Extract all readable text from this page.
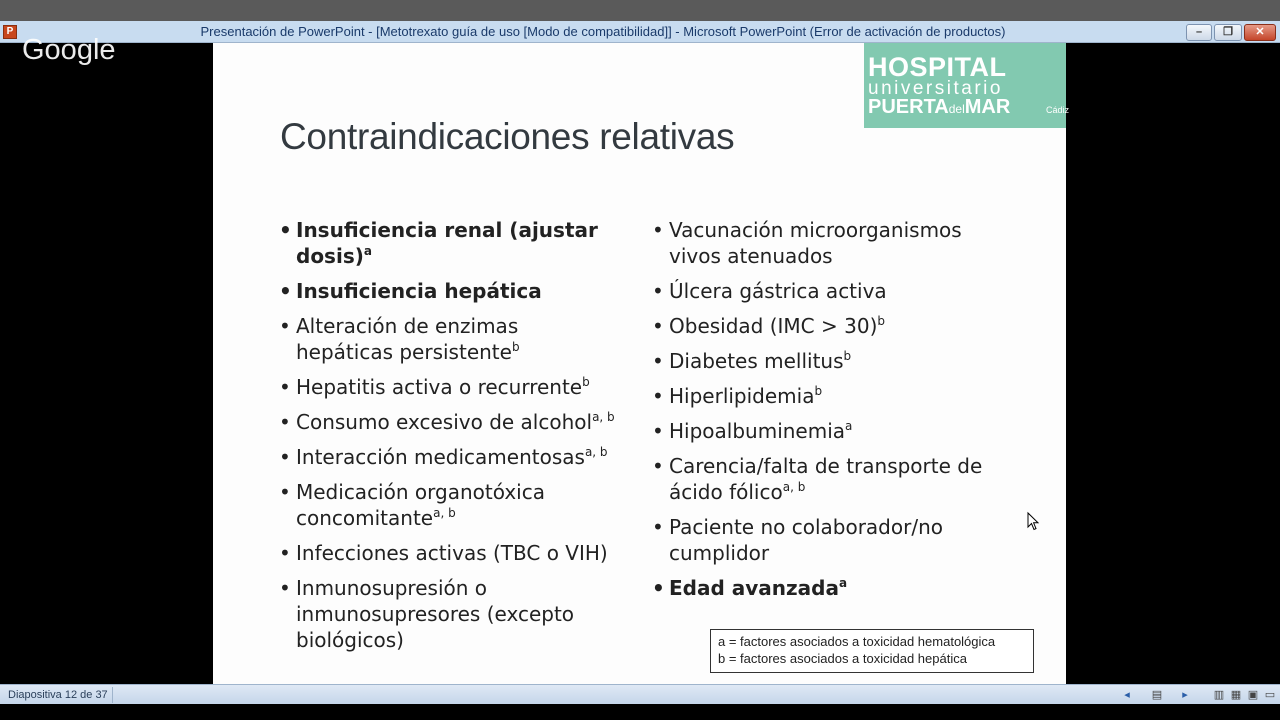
P	Presentación de PowerPoint - [Metotrexato guía de uso [Modo de compatibilidad]] - Microsoft PowerPoint (Error de activación de productos)	–	❐	✕
Google
HOSPITAL
universitario
PUERTAdelMAR	Cádiz
Contraindicaciones relativas
• Insuficiencia renal (ajustar dosis)$^a$
• Insuficiencia hepática
• Alteración de enzimas hepáticas persistente$^b$
• Hepatitis activa o recurrente$^b$
• Consumo excesivo de alcohol$^{a, b}$
• Interacción medicamentosas$^{a, b}$
• Medicación organotóxica concomitante$^{a, b}$
• Infecciones activas (TBC o VIH)
• Inmunosupresión o inmunosupresores (excepto biológicos)
• Vacunación microorganismos vivos atenuados
• Úlcera gástrica activa
• Obesidad (IMC > 30)$^b$
• Diabetes mellitus$^b$
• Hiperlipidemia$^b$
• Hipoalbuminemia$^a$
• Carencia/falta de transporte de ácido fólico$^{a, b}$
• Paciente no colaborador/no cumplidor
• Edad avanzada$^a$
a = factores asociados a toxicidad hematológica
b = factores asociados a toxicidad hepática
Diapositiva 12 de 37	◂	▤	▸	▥ ▦ ▣ ▭
